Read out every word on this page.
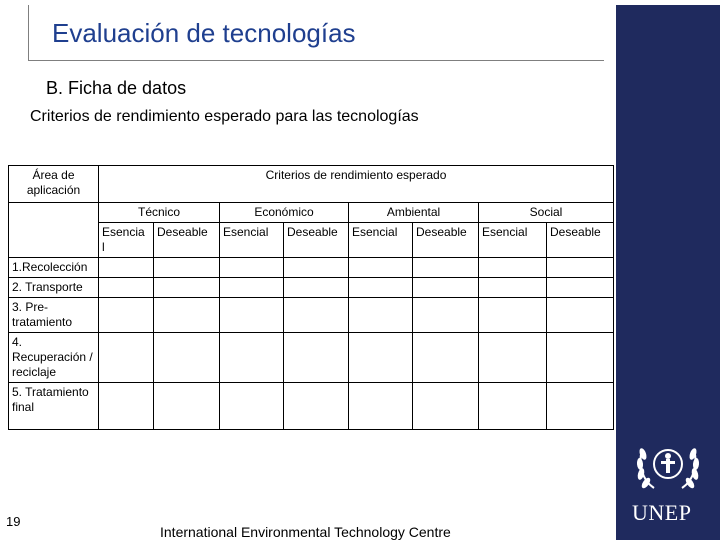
Evaluación de tecnologías
B. Ficha de datos
Criterios de rendimiento esperado para las tecnologías
Área de aplicación	Criterios de rendimiento esperado							
	Técnico		Económico		Ambiental		Social	
	Esencia l	Deseable	Esencial	Deseable	Esencial	Deseable	Esencial	Deseable
1.Recolección								
2. Transporte								
3. Pre-tratamiento								
4. Recuperación / reciclaje								
5. Tratamiento final								
UNEP
19
International Environmental Technology Centre
